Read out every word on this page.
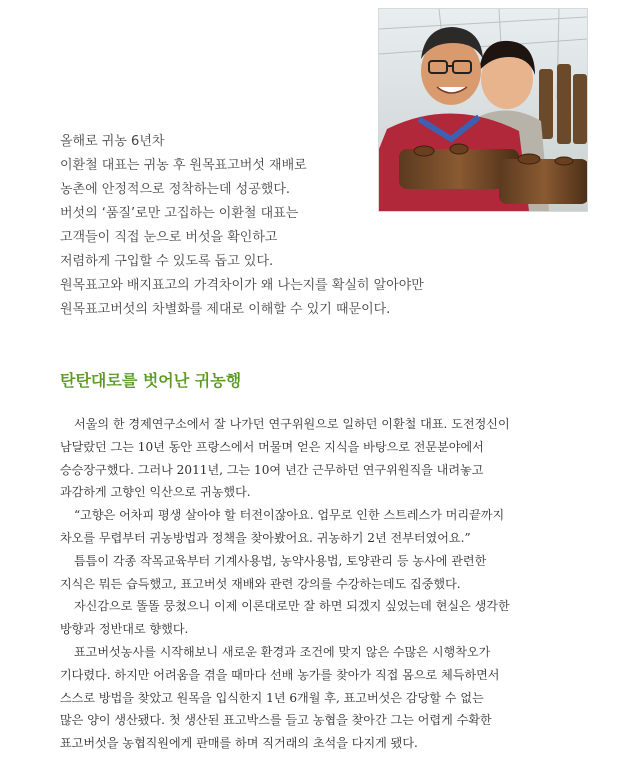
올해로 귀농 6년차
이환철 대표는 귀농 후 원목표고버섯 재배로
농촌에 안정적으로 정착하는데 성공했다.
버섯의 ‘품질’로만 고집하는 이환철 대표는
고객들이 직접 눈으로 버섯을 확인하고
저렴하게 구입할 수 있도록 돕고 있다.
원목표고와 배지표고의 가격차이가 왜 나는지를 확실히 알아야만
원목표고버섯의 차별화를 제대로 이해할 수 있기 때문이다.
탄탄대로를 벗어난 귀농행
서울의 한 경제연구소에서 잘 나가던 연구위원으로 일하던 이환철 대표. 도전정신이
남달랐던 그는 10년 동안 프랑스에서 머물며 얻은 지식을 바탕으로 전문분야에서
승승장구했다. 그러나 2011년, 그는 10여 년간 근무하던 연구위원직을 내려놓고
과감하게 고향인 익산으로 귀농했다.
“고향은 어차피 평생 살아야 할 터전이잖아요. 업무로 인한 스트레스가 머리끝까지
차오를 무렵부터 귀농방법과 정책을 찾아봤어요. 귀농하기 2년 전부터였어요.”
틈틈이 각종 작목교육부터 기계사용법, 농약사용법, 토양관리 등 농사에 관련한
지식은 뭐든 습득했고, 표고버섯 재배와 관련 강의를 수강하는데도 집중했다.
자신감으로 똘똘 뭉쳤으니 이제 이론대로만 잘 하면 되겠지 싶었는데 현실은 생각한
방향과 정반대로 향했다.
표고버섯농사를 시작해보니 새로운 환경과 조건에 맞지 않은 수많은 시행착오가
기다렸다. 하지만 어려움을 겪을 때마다 선배 농가를 찾아가 직접 몸으로 체득하면서
스스로 방법을 찾았고 원목을 입식한지 1년 6개월 후, 표고버섯은 감당할 수 없는
많은 양이 생산됐다. 첫 생산된 표고박스를 들고 농협을 찾아간 그는 어렵게 수확한
표고버섯을 농협직원에게 판매를 하며 직거래의 초석을 다지게 됐다.
